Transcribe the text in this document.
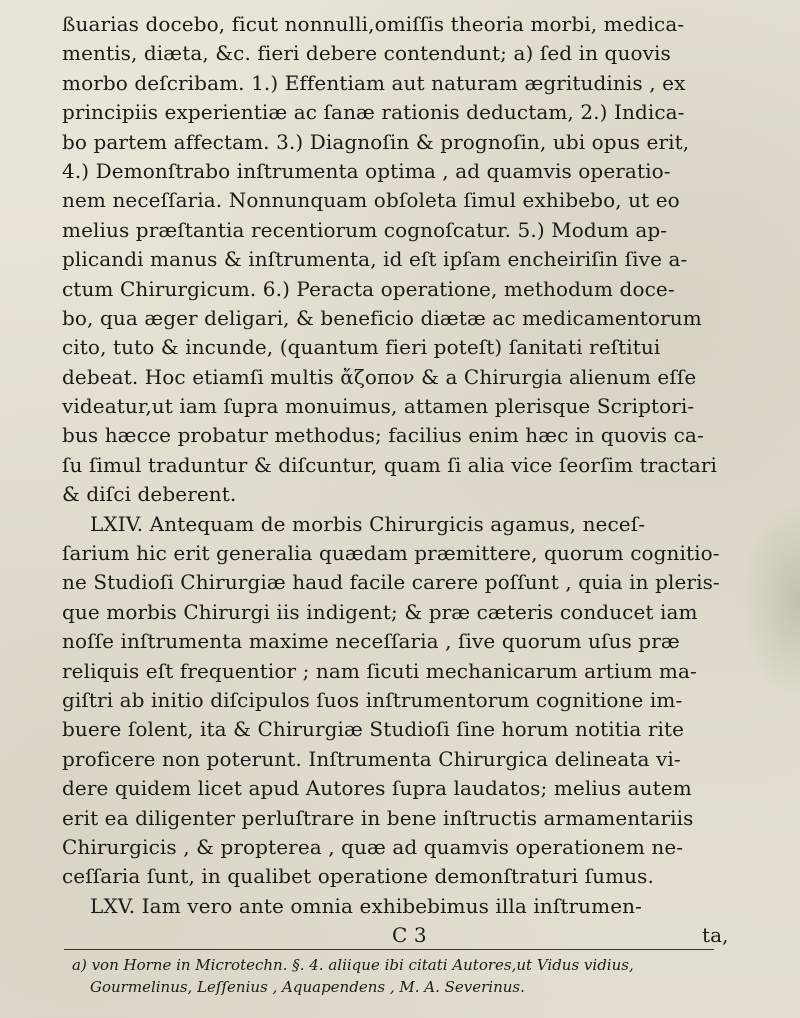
ßuarias docebo, ficut nonnulli,omiſſis theoria morbi, medica-
mentis, diæta, &c. fieri debere contendunt; a) ſed in quovis
morbo deſcribam. 1.) Effentiam aut naturam ægritudinis , ex
principiis experientiæ ac ſanæ rationis deductam, 2.) Indica-
bo partem affectam. 3.) Diagnoſin & prognoſin, ubi opus erit,
4.) Demonſtrabo inſtrumenta optima , ad quamvis operatio-
nem neceſſaria. Nonnunquam obſoleta ſimul exhibebo, ut eo
melius præſtantia recentiorum cognoſcatur. 5.) Modum ap-
plicandi manus & inſtrumenta, id eſt ipſam encheiriſin ſive a-
ctum Chirurgicum. 6.) Peracta operatione, methodum doce-
bo, qua æger deligari, & beneficio diætæ ac medicamentorum
cito, tuto & incunde, (quantum fieri poteſt) ſanitati reſtitui
debeat. Hoc etiamſi multis ἄζοπον & a Chirurgia alienum eſſe
videatur,ut iam ſupra monuimus, attamen plerisque Scriptori-
bus hæcce probatur methodus; facilius enim hæc in quovis ca-
ſu ſimul traduntur & diſcuntur, quam ſi alia vice ſeorſim tractari
& diſci deberent.
LXIV. Antequam de morbis Chirurgicis agamus, neceſ-
ſarium hic erit generalia quædam præmittere, quorum cognitio-
ne Studioſi Chirurgiæ haud facile carere poſſunt , quia in pleris-
que morbis Chirurgi iis indigent; & præ cæteris conducet iam
noſſe inſtrumenta maxime neceſſaria , ſive quorum uſus præ
reliquis eſt frequentior ; nam ſicuti mechanicarum artium ma-
giſtri ab initio diſcipulos ſuos inſtrumentorum cognitione im-
buere ſolent, ita & Chirurgiæ Studioſi ſine horum notitia rite
proficere non poterunt. Inſtrumenta Chirurgica delineata vi-
dere quidem licet apud Autores ſupra laudatos; melius autem
erit ea diligenter perluſtrare in bene inſtructis armamentariis
Chirurgicis , & propterea , quæ ad quamvis operationem ne-
ceſſaria ſunt, in qualibet operatione demonſtraturi ſumus.
LXV. Iam vero ante omnia exhibebimus illa inſtrumen-
C 3	ta,
a) von Horne in Microtechn. §. 4. aliique ibi citati Autores,ut Vidus vidius,
Gourmelinus, Leſſenius , Aquapendens , M. A. Severinus.
